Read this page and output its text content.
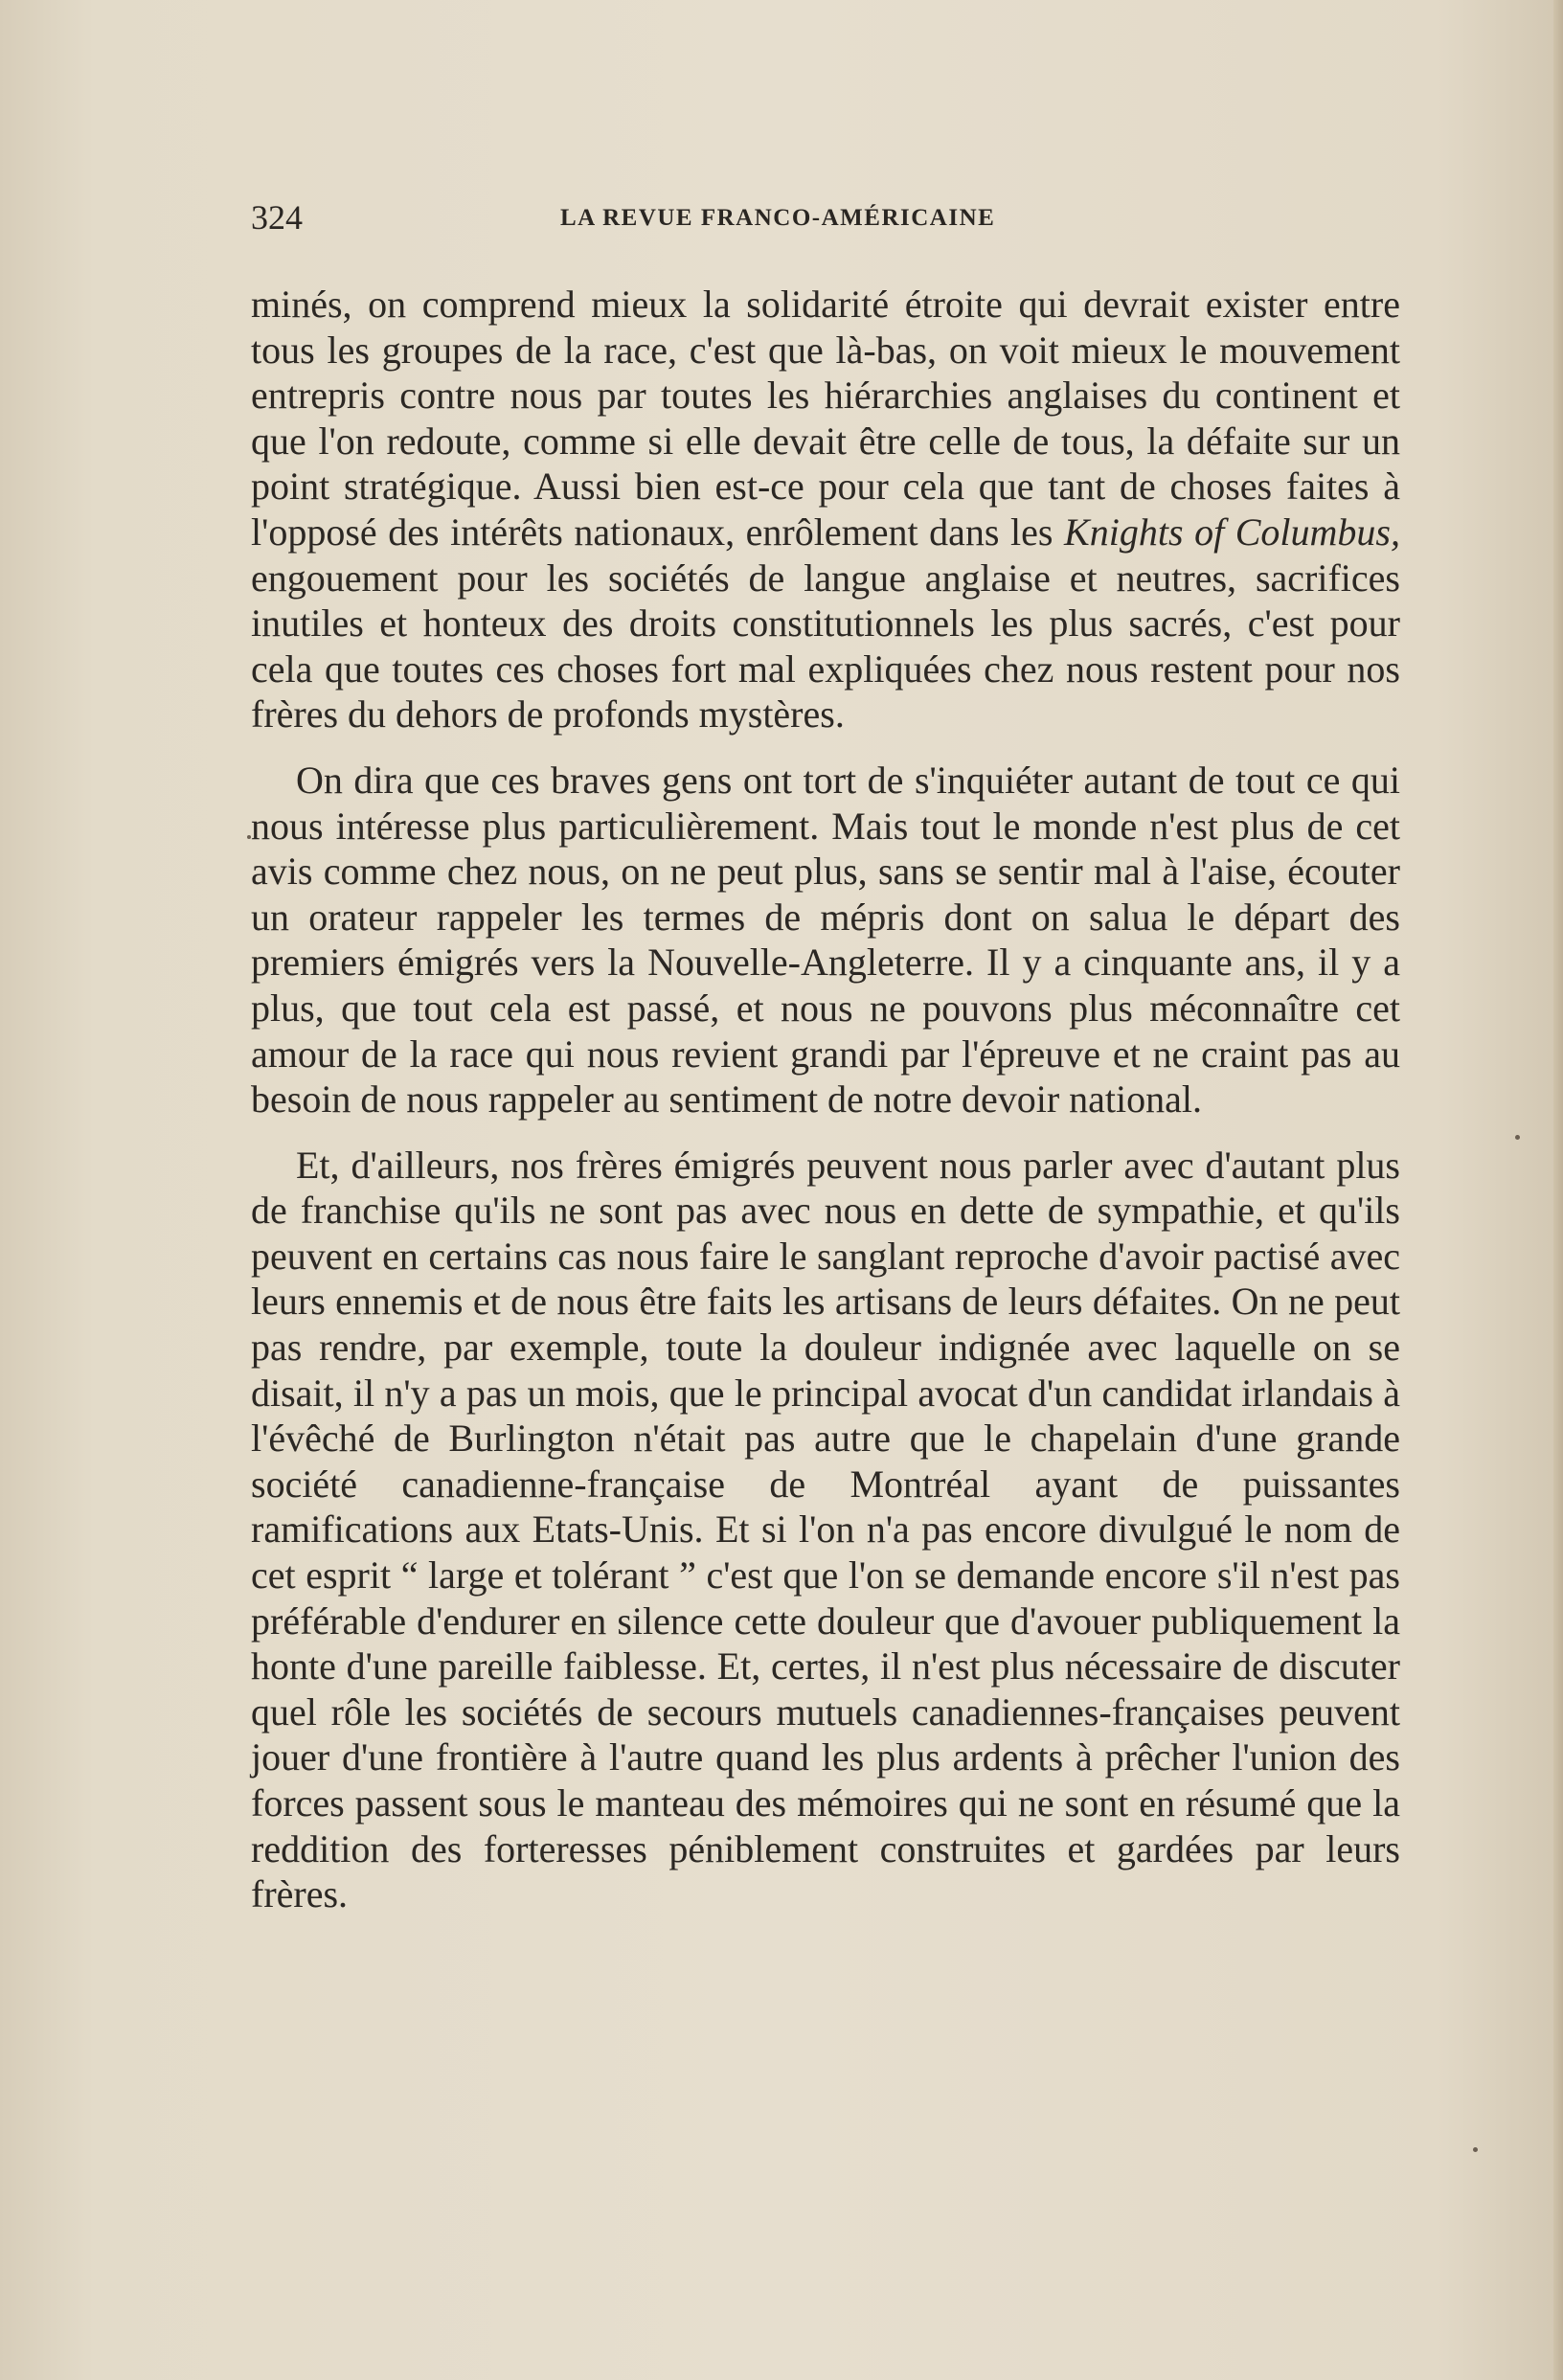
324	LA REVUE FRANCO-AMÉRICAINE

minés, on comprend mieux la solidarité étroite qui devrait exister entre tous les groupes de la race, c'est que là-bas, on voit mieux le mouvement entrepris contre nous par toutes les hiérarchies anglaises du continent et que l'on redoute, comme si elle devait être celle de tous, la défaite sur un point stratégique. Aussi bien est-ce pour cela que tant de choses faites à l'opposé des intérêts nationaux, enrôlement dans les Knights of Columbus, engouement pour les sociétés de langue anglaise et neutres, sacrifices inutiles et honteux des droits constitutionnels les plus sacrés, c'est pour cela que toutes ces choses fort mal expliquées chez nous restent pour nos frères du dehors de profonds mystères.

On dira que ces braves gens ont tort de s'inquiéter autant de tout ce qui nous intéresse plus particulièrement. Mais tout le monde n'est plus de cet avis comme chez nous, on ne peut plus, sans se sentir mal à l'aise, écouter un orateur rappeler les termes de mépris dont on salua le départ des premiers émigrés vers la Nouvelle-Angleterre. Il y a cinquante ans, il y a plus, que tout cela est passé, et nous ne pouvons plus méconnaître cet amour de la race qui nous revient grandi par l'épreuve et ne craint pas au besoin de nous rappeler au sentiment de notre devoir national.

Et, d'ailleurs, nos frères émigrés peuvent nous parler avec d'autant plus de franchise qu'ils ne sont pas avec nous en dette de sympathie, et qu'ils peuvent en certains cas nous faire le sanglant reproche d'avoir pactisé avec leurs ennemis et de nous être faits les artisans de leurs défaites. On ne peut pas rendre, par exemple, toute la douleur indignée avec laquelle on se disait, il n'y a pas un mois, que le principal avocat d'un candidat irlandais à l'évêché de Burlington n'était pas autre que le chapelain d'une grande société canadienne-française de Montréal ayant de puissantes ramifications aux Etats-Unis. Et si l'on n'a pas encore divulgué le nom de cet esprit “ large et tolérant ” c'est que l'on se demande encore s'il n'est pas préférable d'endurer en silence cette douleur que d'avouer publiquement la honte d'une pareille faiblesse. Et, certes, il n'est plus nécessaire de discuter quel rôle les sociétés de secours mutuels canadiennes-françaises peuvent jouer d'une frontière à l'autre quand les plus ardents à prêcher l'union des forces passent sous le manteau des mémoires qui ne sont en résumé que la reddition des forteresses péniblement construites et gardées par leurs frères.
